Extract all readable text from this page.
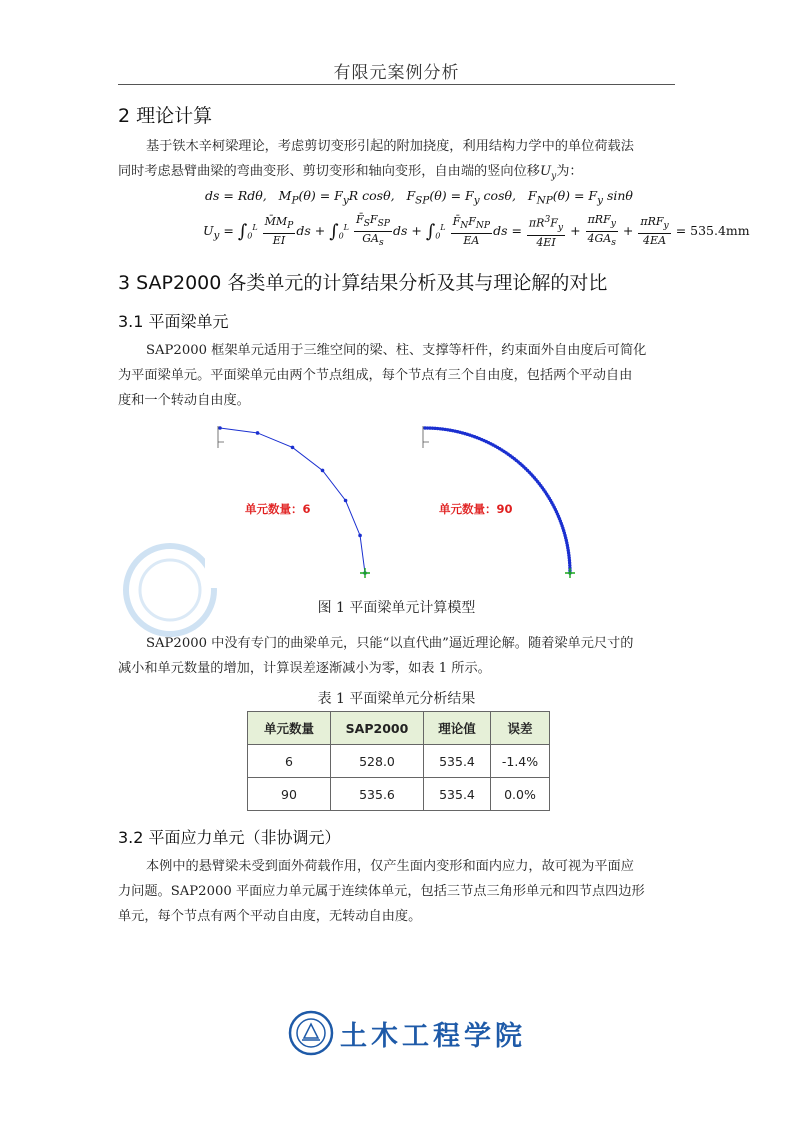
有限元案例分析
2 理论计算
基于铁木辛柯梁理论，考虑剪切变形引起的附加挠度，利用结构力学中的单位荷载法
同时考虑悬臂曲梁的弯曲变形、剪切变形和轴向变形，自由端的竖向位移$U_y$为：
ds = Rdθ,   $M_P(\theta) = F_yR$ cosθ,   $F_{SP}(\theta) = F_y$ cosθ,   $F_{NP}(\theta) = F_y$ sinθ
$U_y = \int_0^L \frac{M̄M_P}{EI}$ ds + $\int_0^L \frac{F̄_SF_{SP}}{GA_s}$ ds + $\int_0^L \frac{F̄_NF_{NP}}{EA}$ ds = $\frac{\pi R^3F_y}{4EI} + \frac{\pi RF_y}{4GA_s} + \frac{\pi RF_y}{4EA} = 535.4mm$
3 SAP2000 各类单元的计算结果分析及其与理论解的对比
3.1 平面梁单元
SAP2000 框架单元适用于三维空间的梁、柱、支撑等杆件，约束面外自由度后可简化
为平面梁单元。平面梁单元由两个节点组成，每个节点有三个自由度，包括两个平动自由
度和一个转动自由度。
单元数量：6	单元数量：90
图 1 平面梁单元计算模型
SAP2000 中没有专门的曲梁单元，只能“以直代曲”逼近理论解。随着梁单元尺寸的
减小和单元数量的增加，计算误差逐渐减小为零，如表 1 所示。
表 1 平面梁单元分析结果
单元数量	SAP2000	理论值	误差
6	528.0	535.4	-1.4%
90	535.6	535.4	0.0%
3.2 平面应力单元（非协调元）
本例中的悬臂梁未受到面外荷载作用，仅产生面内变形和面内应力，故可视为平面应
力问题。SAP2000 平面应力单元属于连续体单元，包括三节点三角形单元和四节点四边形
单元，每个节点有两个平动自由度，无转动自由度。
土木工程学院
